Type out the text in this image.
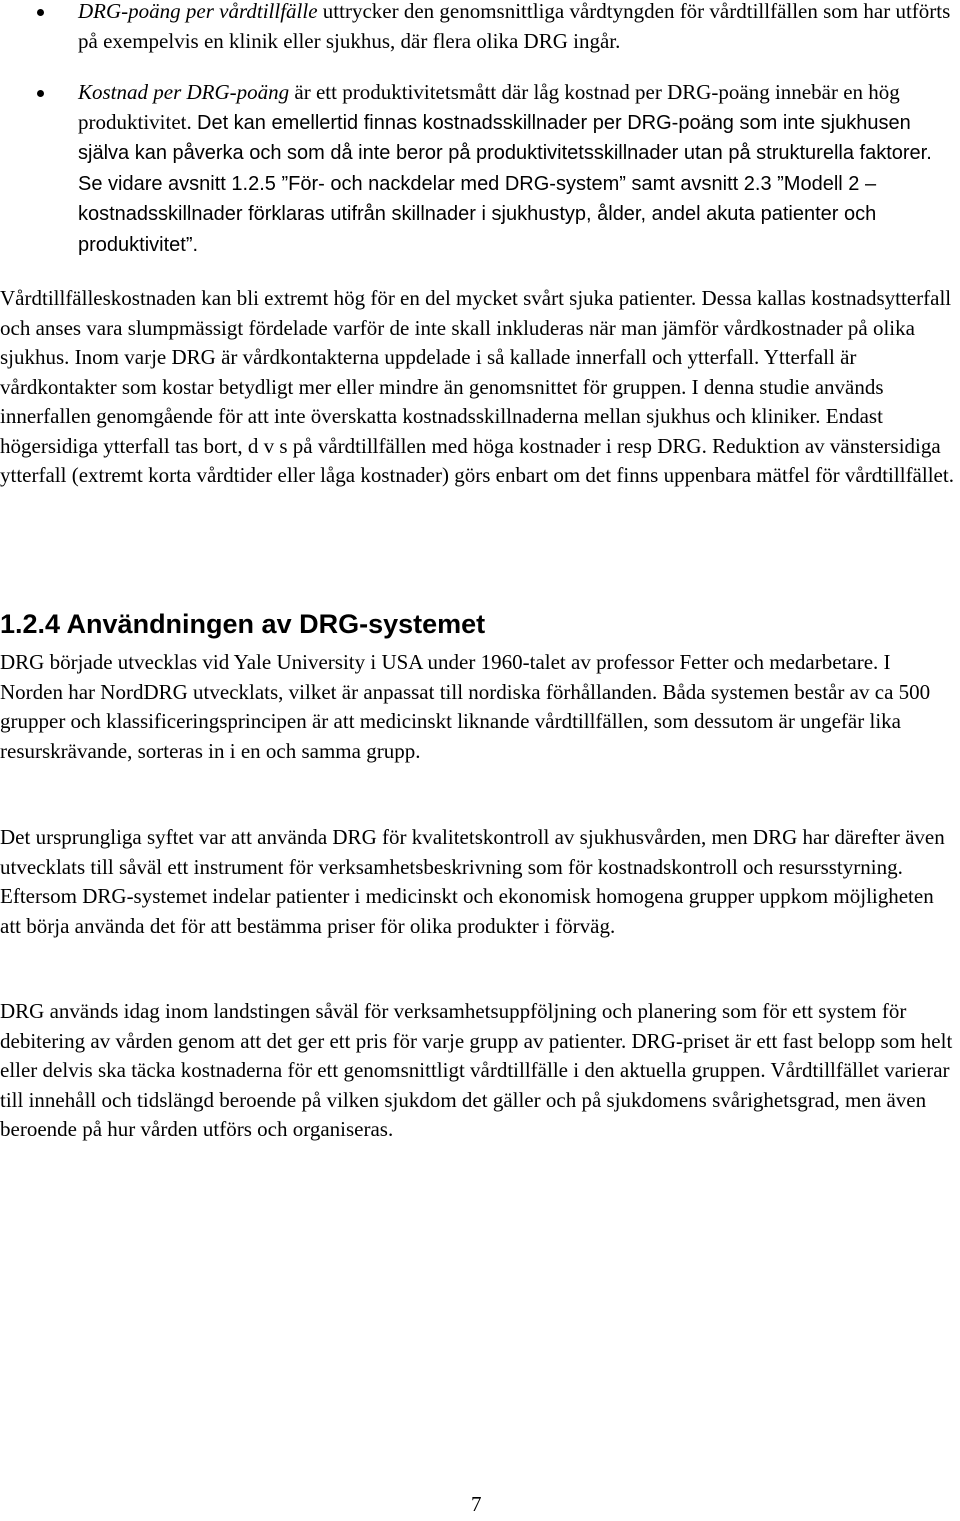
DRG-poäng per vårdtillfälle uttrycker den genomsnittliga vårdtyngden för vårdtillfällen som har utförts på exempelvis en klinik eller sjukhus, där flera olika DRG ingår.
Kostnad per DRG-poäng är ett produktivitetsmått där låg kostnad per DRG-poäng innebär en hög produktivitet. Det kan emellertid finnas kostnadsskillnader per DRG-poäng som inte sjukhusen själva kan påverka och som då inte beror på produktivitetsskillnader utan på strukturella faktorer. Se vidare avsnitt 1.2.5 ”För- och nackdelar med DRG-system” samt avsnitt 2.3 ”Modell 2 – kostnadsskillnader förklaras utifrån skillnader i sjukhustyp, ålder, andel akuta patienter och produktivitet”.

Vårdtillfälleskostnaden kan bli extremt hög för en del mycket svårt sjuka patienter. Dessa kallas kostnadsytterfall och anses vara slumpmässigt fördelade varför de inte skall inkluderas när man jämför vårdkostnader på olika sjukhus. Inom varje DRG är vårdkontakterna uppdelade i så kallade innerfall och ytterfall. Ytterfall är vårdkontakter som kostar betydligt mer eller mindre än genomsnittet för gruppen. I denna studie används innerfallen genomgående för att inte överskatta kostnadsskillnaderna mellan sjukhus och kliniker. Endast högersidiga ytterfall tas bort, d v s på vårdtillfällen med höga kostnader i resp DRG. Reduktion av vänstersidiga ytterfall (extremt korta vårdtider eller låga kostnader) görs enbart om det finns uppenbara mätfel för vårdtillfället.

1.2.4 Användningen av DRG-systemet

DRG började utvecklas vid Yale University i USA under 1960-talet av professor Fetter och medarbetare. I Norden har NordDRG utvecklats, vilket är anpassat till nordiska förhållanden. Båda systemen består av ca 500 grupper och klassificeringsprincipen är att medicinskt liknande vårdtillfällen, som dessutom är ungefär lika resurskrävande, sorteras in i en och samma grupp.

Det ursprungliga syftet var att använda DRG för kvalitetskontroll av sjukhusvården, men DRG har därefter även utvecklats till såväl ett instrument för verksamhetsbeskrivning som för kostnadskontroll och resursstyrning. Eftersom DRG-systemet indelar patienter i medicinskt och ekonomisk homogena grupper uppkom möjligheten att börja använda det för att bestämma priser för olika produkter i förväg.

DRG används idag inom landstingen såväl för verksamhetsuppföljning och planering som för ett system för debitering av vården genom att det ger ett pris för varje grupp av patienter. DRG-priset är ett fast belopp som helt eller delvis ska täcka kostnaderna för ett genomsnittligt vårdtillfälle i den aktuella gruppen. Vårdtillfället varierar till innehåll och tidslängd beroende på vilken sjukdom det gäller och på sjukdomens svårighetsgrad, men även beroende på hur vården utförs och organiseras.

7
